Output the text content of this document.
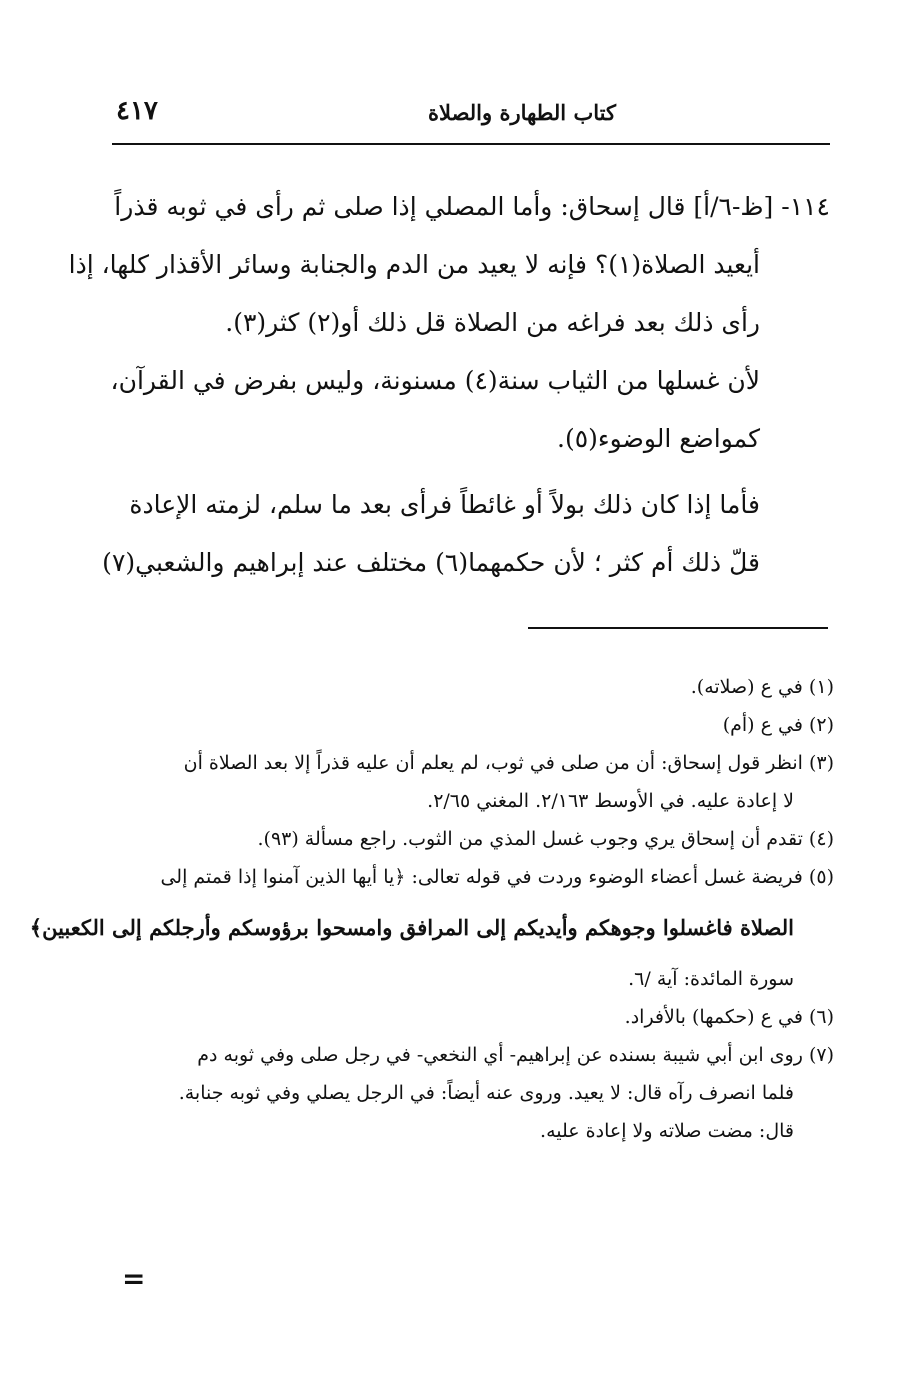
٤١٧	كتاب الطهارة والصلاة
١١٤- [ظ-٦/أ] قال إسحاق: وأما المصلي إذا صلى ثم رأى في ثوبه قذراً
أيعيد الصلاة(١)؟ فإنه لا يعيد من الدم والجنابة وسائر الأقذار كلها، إذا
رأى ذلك بعد فراغه من الصلاة قل ذلك أو(٢) كثر(٣).
لأن غسلها من الثياب سنة(٤) مسنونة، وليس بفرض في القرآن،
كمواضع الوضوء(٥).
فأما إذا كان ذلك بولاً أو غائطاً فرأى بعد ما سلم، لزمته الإعادة
قلّ ذلك أم كثر ؛ لأن حكمهما(٦) مختلف عند إبراهيم والشعبي(٧)
(١) في ع (صلاته).
(٢) في ع (أم)
(٣) انظر قول إسحاق: أن من صلى في ثوب، لم يعلم أن عليه قذراً إلا بعد الصلاة أن
لا إعادة عليه. في الأوسط ٢/١٦٣. المغني ٢/٦٥.
(٤) تقدم أن إسحاق يري وجوب غسل المذي من الثوب. راجع مسألة (٩٣).
(٥) فريضة غسل أعضاء الوضوء وردت في قوله تعالى: ﴿يا أيها الذين آمنوا إذا قمتم إلى
الصلاة فاغسلوا وجوهكم وأيديكم إلى المرافق وامسحوا برؤوسكم وأرجلكم إلى الكعبين﴾
سورة المائدة: آية /٦.
(٦) في ع (حكمها) بالأفراد.
(٧) روى ابن أبي شيبة بسنده عن إبراهيم- أي النخعي- في رجل صلى وفي ثوبه دم
فلما انصرف رآه قال: لا يعيد. وروى عنه أيضاً: في الرجل يصلي وفي ثوبه جنابة.
قال: مضت صلاته ولا إعادة عليه.
=
